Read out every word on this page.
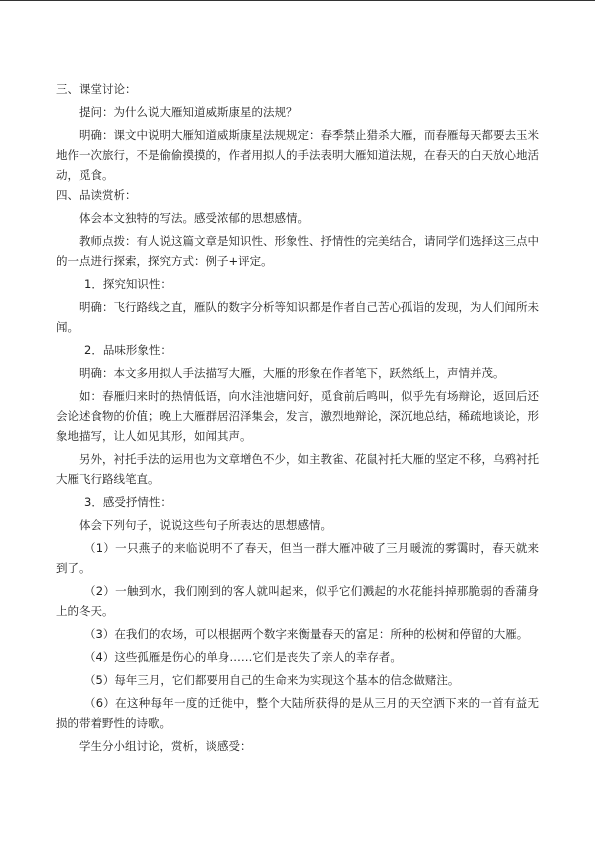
三、课堂讨论：

提问：为什么说大雁知道威斯康星的法规？

明确：课文中说明大雁知道威斯康星法规规定：春季禁止猎杀大雁，而春雁每天都要去玉米地作一次旅行，不是偷偷摸摸的，作者用拟人的手法表明大雁知道法规，在春天的白天放心地活动，觅食。

四、品读赏析：

体会本文独特的写法。感受浓郁的思想感情。

教师点拨：有人说这篇文章是知识性、形象性、抒情性的完美结合，请同学们选择这三点中的一点进行探索，探究方式：例子+评定。

1．探究知识性：

明确：飞行路线之直，雁队的数字分析等知识都是作者自己苦心孤诣的发现，为人们闻所未闻。

2．品味形象性：

明确：本文多用拟人手法描写大雁，大雁的形象在作者笔下，跃然纸上，声情并茂。

如：春雁归来时的热情低语，向水洼池塘问好，觅食前后鸣叫，似乎先有场辩论，返回后还会论述食物的价值；晚上大雁群居沼泽集会，发言，激烈地辩论，深沉地总结，稀疏地谈论，形象地描写，让人如见其形，如闻其声。

另外，衬托手法的运用也为文章增色不少，如主教雀、花鼠衬托大雁的坚定不移，乌鸦衬托大雁飞行路线笔直。

3．感受抒情性：

体会下列句子，说说这些句子所表达的思想感情。

（1）一只燕子的来临说明不了春天，但当一群大雁冲破了三月暖流的雾霭时，春天就来到了。

（2）一触到水，我们刚到的客人就叫起来，似乎它们溅起的水花能抖掉那脆弱的香蒲身上的冬天。

（3）在我们的农场，可以根据两个数字来衡量春天的富足：所种的松树和停留的大雁。

（4）这些孤雁是伤心的单身……它们是丧失了亲人的幸存者。

（5）每年三月，它们都要用自己的生命来为实现这个基本的信念做赌注。

（6）在这种每年一度的迁徙中，整个大陆所获得的是从三月的天空洒下来的一首有益无损的带着野性的诗歌。

学生分小组讨论，赏析，谈感受：
